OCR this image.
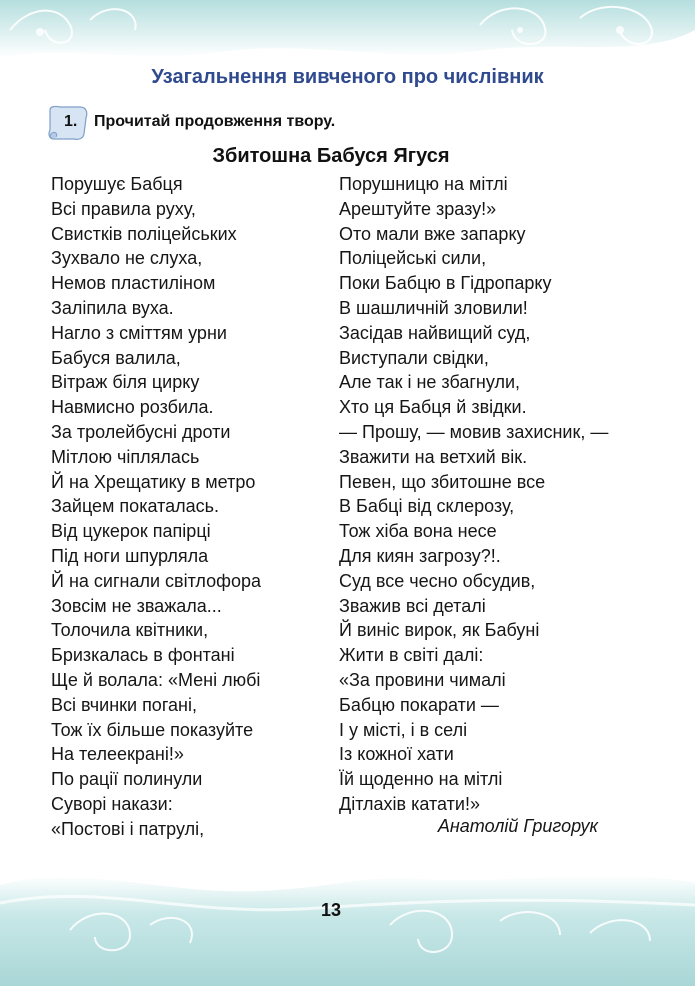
Узагальнення вивченого про числівник
1. Прочитай продовження твору.
Збитошна Бабуся Ягуся
Порушує Бабця
Всі правила руху,
Свистків поліцейських
Зухвало не слуха,
Немов пластиліном
Заліпила вуха.
Нагло з сміттям урни
Бабуся валила,
Вітраж біля цирку
Навмисно розбила.
За тролейбусні дроти
Мітлою чіплялась
Й на Хрещатику в метро
Зайцем покаталась.
Від цукерок папірці
Під ноги шпурляла
Й на сигнали світлофора
Зовсім не зважала...
Толочила квітники,
Бризкалась в фонтані
Ще й волала: «Мені любі
Всі вчинки погані,
Тож їх більше показуйте
На телеекрані!»
По рації полинули
Суворі накази:
«Постові і патрулі,
Порушницю на мітлі
Арештуйте зразу!»
Ото мали вже запарку
Поліцейські сили,
Поки Бабцю в Гідропарку
В шашличній зловили!
Засідав найвищий суд,
Виступали свідки,
Але так і не збагнули,
Хто ця Бабця й звідки.
— Прошу, — мовив захисник, —
Зважити на ветхий вік.
Певен, що збитошне все
В Бабці від склерозу,
Тож хіба вона несе
Для киян загрозу?!.
Суд все чесно обсудив,
Зважив всі деталі
Й виніс вирок, як Бабуні
Жити в світі далі:
«За провини чималі
Бабцю покарати —
І у місті, і в селі
Із кожної хати
Їй щоденно на мітлі
Дітлахів катати!»
Анатолій Григорук
13
